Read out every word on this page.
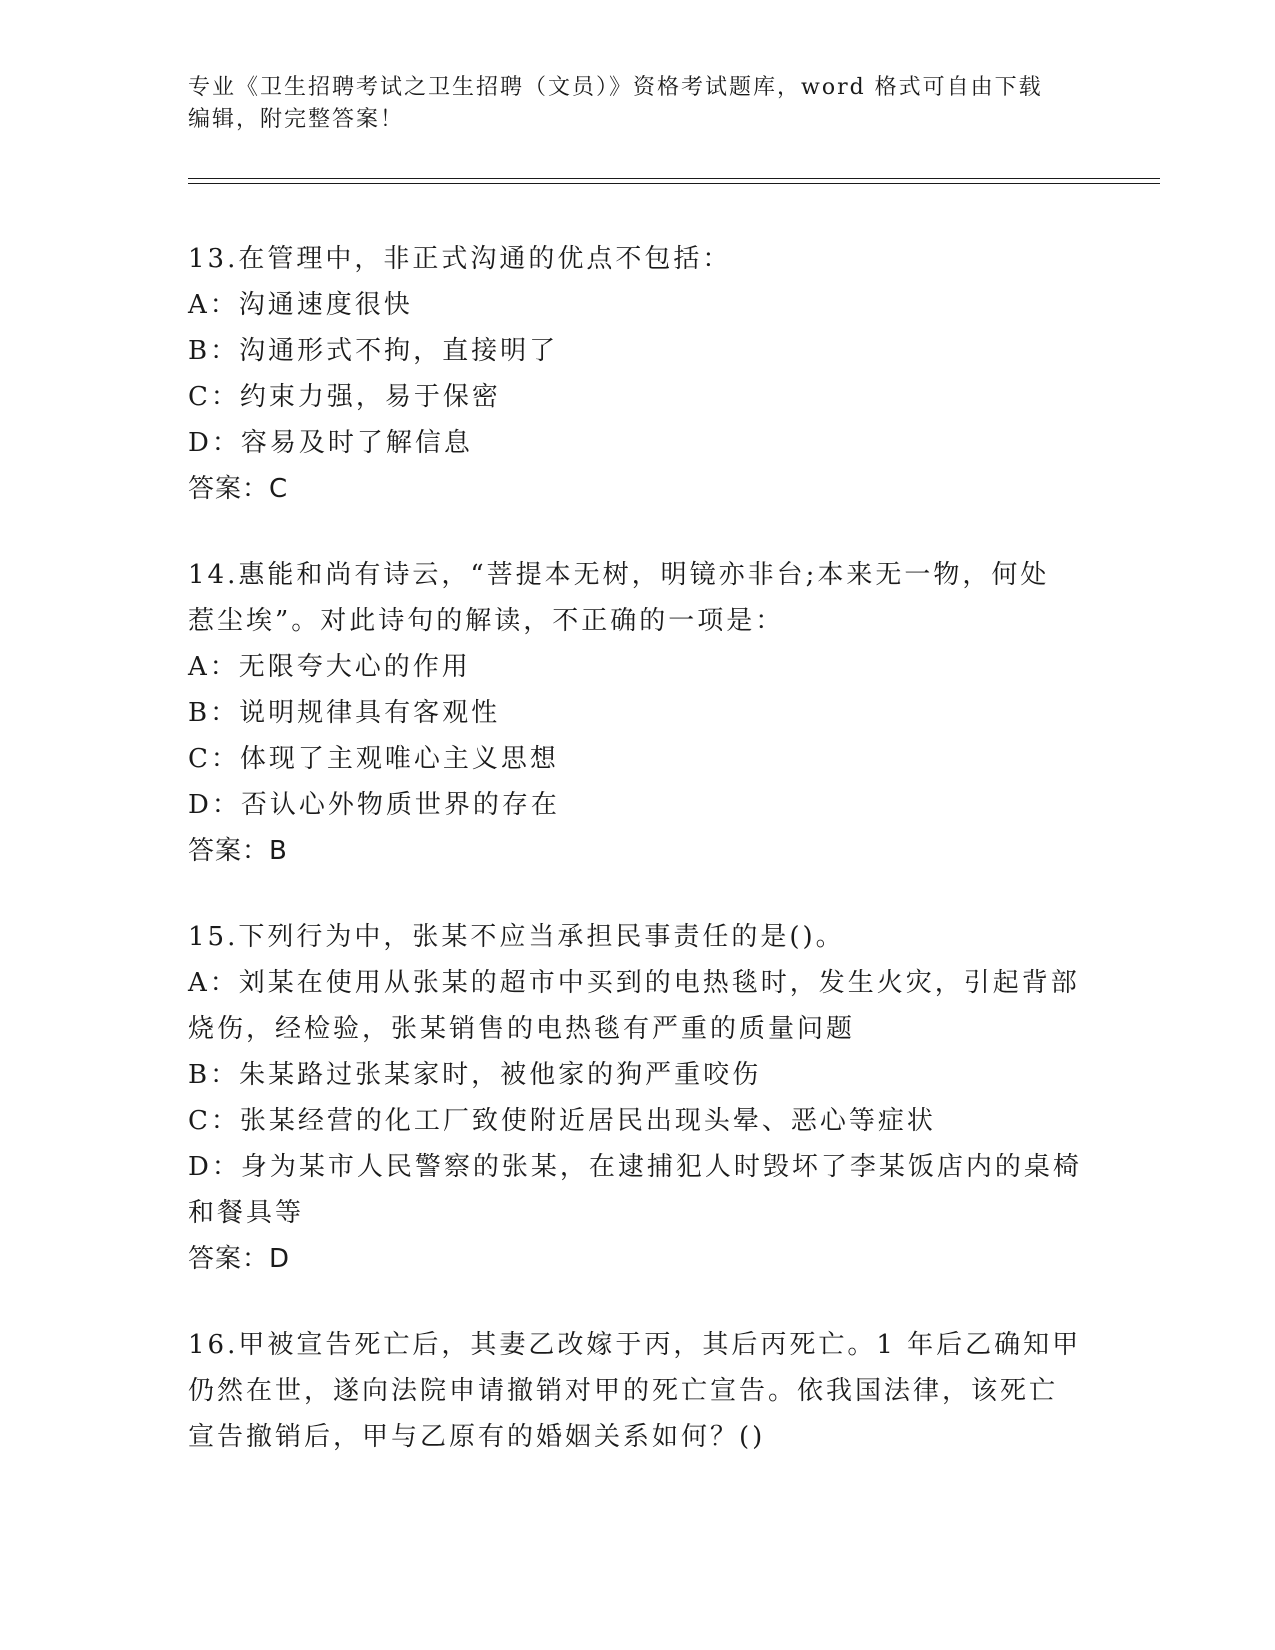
专业《卫生招聘考试之卫生招聘（文员）》资格考试题库，word 格式可自由下载
编辑，附完整答案！
13.在管理中，非正式沟通的优点不包括：
A：沟通速度很快
B：沟通形式不拘，直接明了
C：约束力强，易于保密
D：容易及时了解信息
答案：C
14.惠能和尚有诗云，“菩提本无树，明镜亦非台;本来无一物，何处
惹尘埃”。对此诗句的解读，不正确的一项是：
A：无限夸大心的作用
B：说明规律具有客观性
C：体现了主观唯心主义思想
D：否认心外物质世界的存在
答案：B
15.下列行为中，张某不应当承担民事责任的是()。
A：刘某在使用从张某的超市中买到的电热毯时，发生火灾，引起背部
烧伤，经检验，张某销售的电热毯有严重的质量问题
B：朱某路过张某家时，被他家的狗严重咬伤
C：张某经营的化工厂致使附近居民出现头晕、恶心等症状
D：身为某市人民警察的张某，在逮捕犯人时毁坏了李某饭店内的桌椅
和餐具等
答案：D
16.甲被宣告死亡后，其妻乙改嫁于丙，其后丙死亡。1 年后乙确知甲
仍然在世，遂向法院申请撤销对甲的死亡宣告。依我国法律，该死亡
宣告撤销后，甲与乙原有的婚姻关系如何？()
